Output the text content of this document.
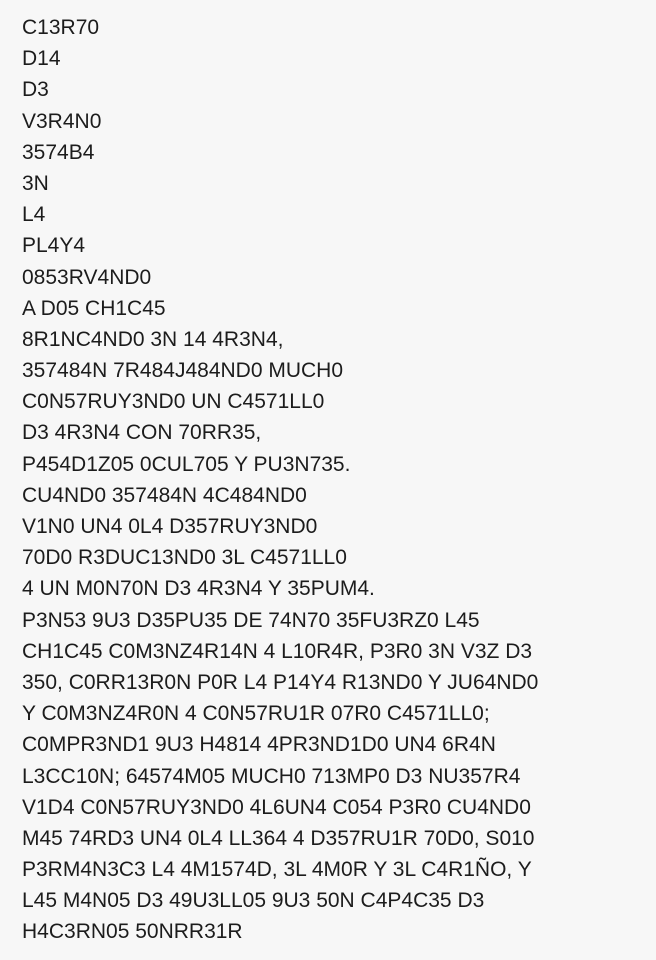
C13R70
D14
D3
V3R4N0
3574B4
3N
L4
PL4Y4
0853RV4ND0
A D05 CH1C45
8R1NC4ND0 3N 14 4R3N4,
357484N 7R484J484ND0 MUCH0
C0N57RUY3ND0 UN C4571LL0
D3 4R3N4 CON 70RR35,
P454D1Z05 0CUL705 Y PU3N735.
CU4ND0 357484N 4C484ND0
V1N0 UN4 0L4 D357RUY3ND0
70D0 R3DUC13ND0 3L C4571LL0
4 UN M0N70N D3 4R3N4 Y 35PUM4.
P3N53 9U3 D35PU35 DE 74N70 35FU3RZ0 L45
CH1C45 C0M3NZ4R14N 4 L10R4R, P3R0 3N V3Z D3
350, C0RR13R0N P0R L4 P14Y4 R13ND0 Y JU64ND0
Y C0M3NZ4R0N 4 C0N57RU1R 07R0 C4571LL0;
C0MPR3ND1 9U3 H4814 4PR3ND1D0 UN4 6R4N
L3CC10N; 64574M05 MUCH0 713MP0 D3 NU357R4
V1D4 C0N57RUY3ND0 4L6UN4 C054 P3R0 CU4ND0
M45 74RD3 UN4 0L4 LL364 4 D357RU1R 70D0, S010
P3RM4N3C3 L4 4M1574D, 3L 4M0R Y 3L C4R1ÑO, Y
L45 M4N05 D3 49U3LL05 9U3 50N C4P4C35 D3
H4C3RN05 50NRR31R
